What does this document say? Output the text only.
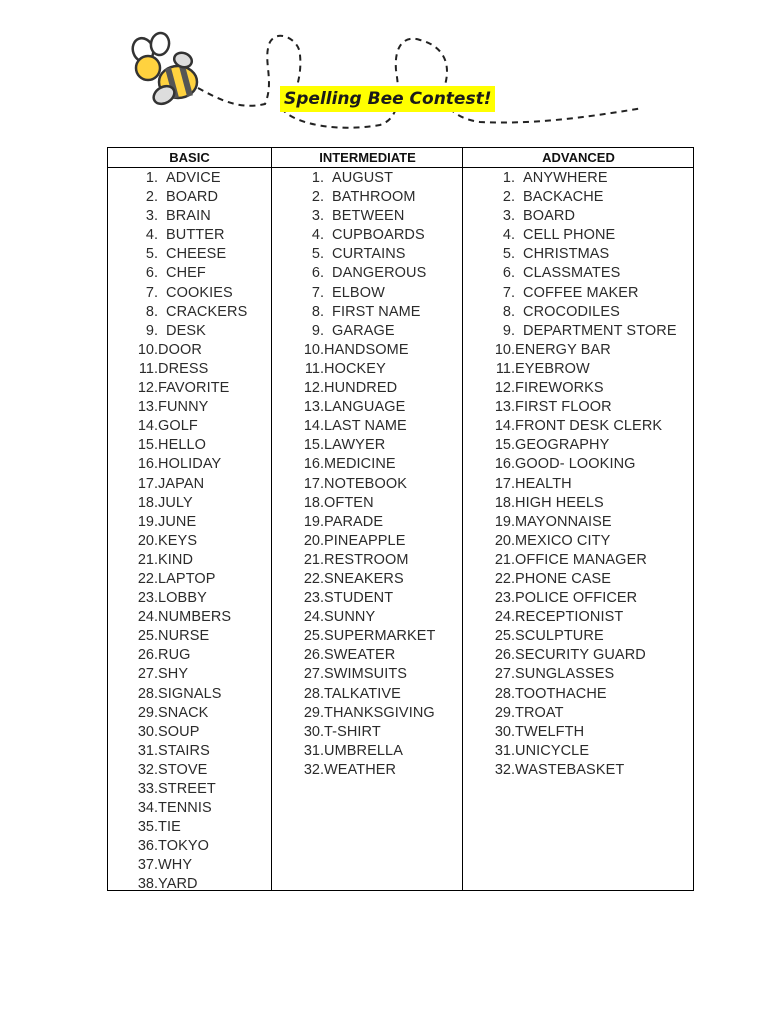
Spelling Bee Contest!
BASIC
1. ADVICE
2. BOARD
3. BRAIN
4. BUTTER
5. CHEESE
6. CHEF
7. COOKIES
8. CRACKERS
9. DESK
10. DOOR
11. DRESS
12. FAVORITE
13. FUNNY
14. GOLF
15. HELLO
16. HOLIDAY
17. JAPAN
18. JULY
19. JUNE
20. KEYS
21. KIND
22. LAPTOP
23. LOBBY
24. NUMBERS
25. NURSE
26. RUG
27. SHY
28. SIGNALS
29. SNACK
30. SOUP
31. STAIRS
32. STOVE
33. STREET
34. TENNIS
35. TIE
36. TOKYO
37. WHY
38. YARD
INTERMEDIATE
1. AUGUST
2. BATHROOM
3. BETWEEN
4. CUPBOARDS
5. CURTAINS
6. DANGEROUS
7. ELBOW
8. FIRST NAME
9. GARAGE
10. HANDSOME
11. HOCKEY
12. HUNDRED
13. LANGUAGE
14. LAST NAME
15. LAWYER
16. MEDICINE
17. NOTEBOOK
18. OFTEN
19. PARADE
20. PINEAPPLE
21. RESTROOM
22. SNEAKERS
23. STUDENT
24. SUNNY
25. SUPERMARKET
26. SWEATER
27. SWIMSUITS
28. TALKATIVE
29. THANKSGIVING
30. T-SHIRT
31. UMBRELLA
32. WEATHER
ADVANCED
1. ANYWHERE
2. BACKACHE
3. BOARD
4. CELL PHONE
5. CHRISTMAS
6. CLASSMATES
7. COFFEE MAKER
8. CROCODILES
9. DEPARTMENT STORE
10. ENERGY BAR
11. EYEBROW
12. FIREWORKS
13. FIRST FLOOR
14. FRONT DESK CLERK
15. GEOGRAPHY
16. GOOD- LOOKING
17. HEALTH
18. HIGH HEELS
19. MAYONNAISE
20. MEXICO CITY
21. OFFICE MANAGER
22. PHONE CASE
23. POLICE OFFICER
24. RECEPTIONIST
25. SCULPTURE
26. SECURITY GUARD
27. SUNGLASSES
28. TOOTHACHE
29. TROAT
30. TWELFTH
31. UNICYCLE
32. WASTEBASKET
